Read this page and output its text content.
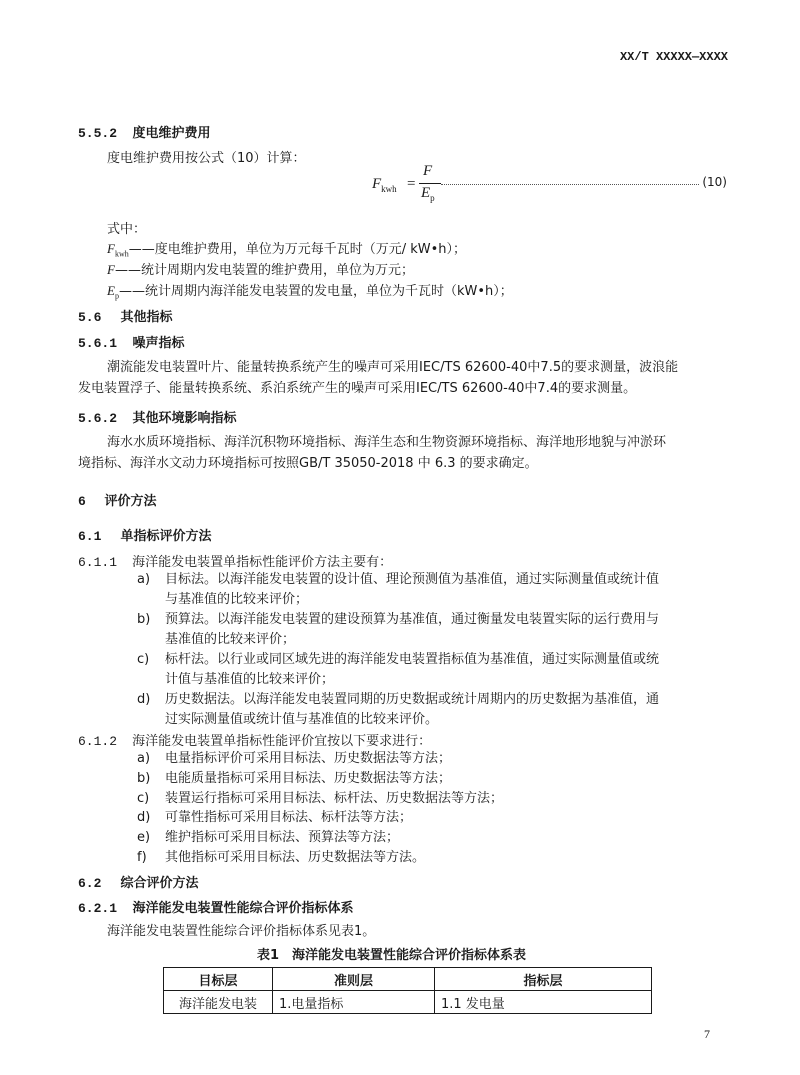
XX/T XXXXX—XXXX
5.5.2 度电维护费用
度电维护费用按公式（10）计算：
$F_{kwh}$ =
F
$E_p$
(10)
式中：
$F_{kwh}——$度电维护费用，单位为万元每千瓦时（万元/ kW•h）；
F——统计周期内发电装置的维护费用，单位为万元；
$E_p——$统计周期内海洋能发电装置的发电量，单位为千瓦时（kW•h）；
5.6 其他指标
5.6.1 噪声指标
潮流能发电装置叶片、能量转换系统产生的噪声可采用IEC/TS 62600-40中7.5的要求测量，波浪能
发电装置浮子、能量转换系统、系泊系统产生的噪声可采用IEC/TS 62600-40中7.4的要求测量。
5.6.2 其他环境影响指标
海水水质环境指标、海洋沉积物环境指标、海洋生态和生物资源环境指标、海洋地形地貌与冲淤环
境指标、海洋水文动力环境指标可按照GB/T 35050-2018 中 6.3 的要求确定。
6 评价方法
6.1 单指标评价方法
6.1.1 海洋能发电装置单指标性能评价方法主要有：
a) 目标法。以海洋能发电装置的设计值、理论预测值为基准值，通过实际测量值或统计值
与基准值的比较来评价；
b) 预算法。以海洋能发电装置的建设预算为基准值，通过衡量发电装置实际的运行费用与
基准值的比较来评价；
c) 标杆法。以行业或同区域先进的海洋能发电装置指标值为基准值，通过实际测量值或统
计值与基准值的比较来评价；
d) 历史数据法。以海洋能发电装置同期的历史数据或统计周期内的历史数据为基准值，通
过实际测量值或统计值与基准值的比较来评价。
6.1.2 海洋能发电装置单指标性能评价宜按以下要求进行：
a) 电量指标评价可采用目标法、历史数据法等方法；
b) 电能质量指标可采用目标法、历史数据法等方法；
c) 装置运行指标可采用目标法、标杆法、历史数据法等方法；
d) 可靠性指标可采用目标法、标杆法等方法；
e) 维护指标可采用目标法、预算法等方法；
f) 其他指标可采用目标法、历史数据法等方法。
6.2 综合评价方法
6.2.1 海洋能发电装置性能综合评价指标体系
海洋能发电装置性能综合评价指标体系见表1。
表1　海洋能发电装置性能综合评价指标体系表
目标层	准则层	指标层
海洋能发电装	1.电量指标	1.1 发电量
7
